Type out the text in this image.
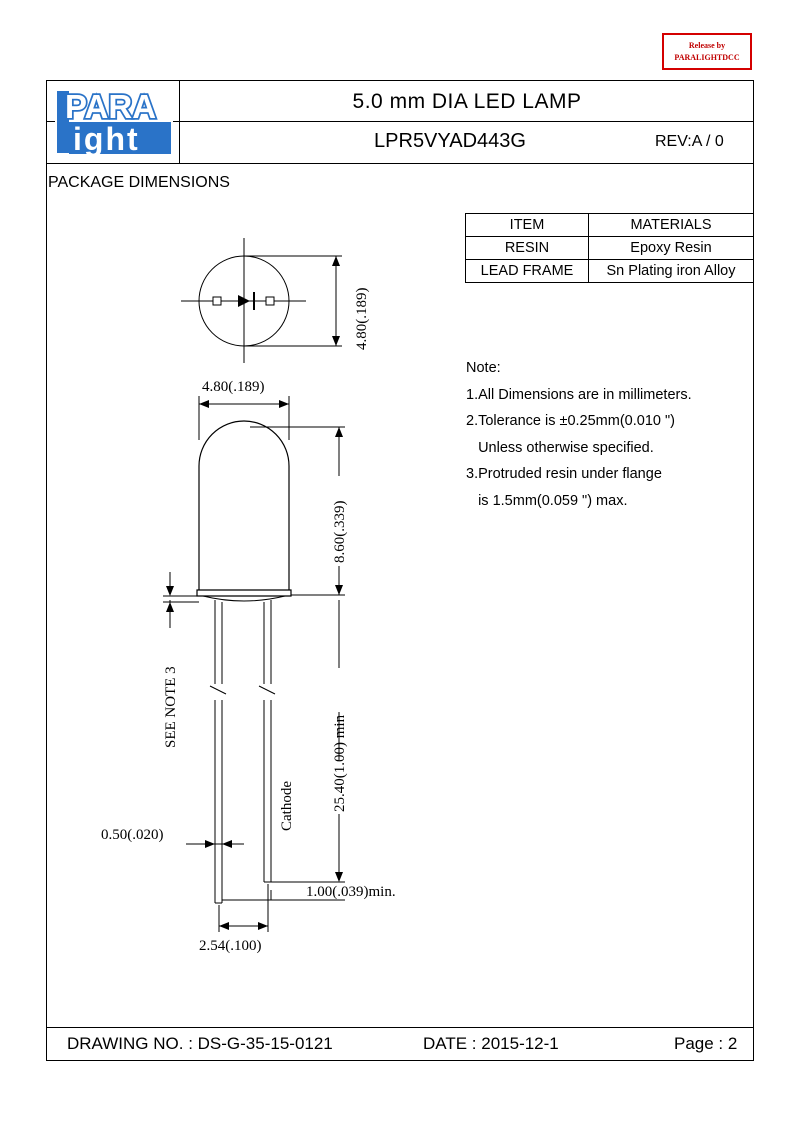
Release by
PARALIGHTDCC
PARA
ight
5.0 mm DIA LED LAMP
LPR5VYAD443G	REV:A / 0
PACKAGE DIMENSIONS
ITEM	MATERIALS
RESIN	Epoxy Resin
LEAD FRAME	Sn Plating iron Alloy
Note:
1.All Dimensions are in millimeters.
2.Tolerance is ±0.25mm(0.010 ")
Unless otherwise specified.
3.Protruded resin under flange
is 1.5mm(0.059 ") max.
4.80(.189)
4.80(.189)
8.60(.339)
25.40(1.00) min
SEE NOTE 3
Cathode
0.50(.020)
1.00(.039)min.
2.54(.100)
DRAWING NO. : DS-G-35-15-0121	DATE : 2015-12-1	Page : 2
